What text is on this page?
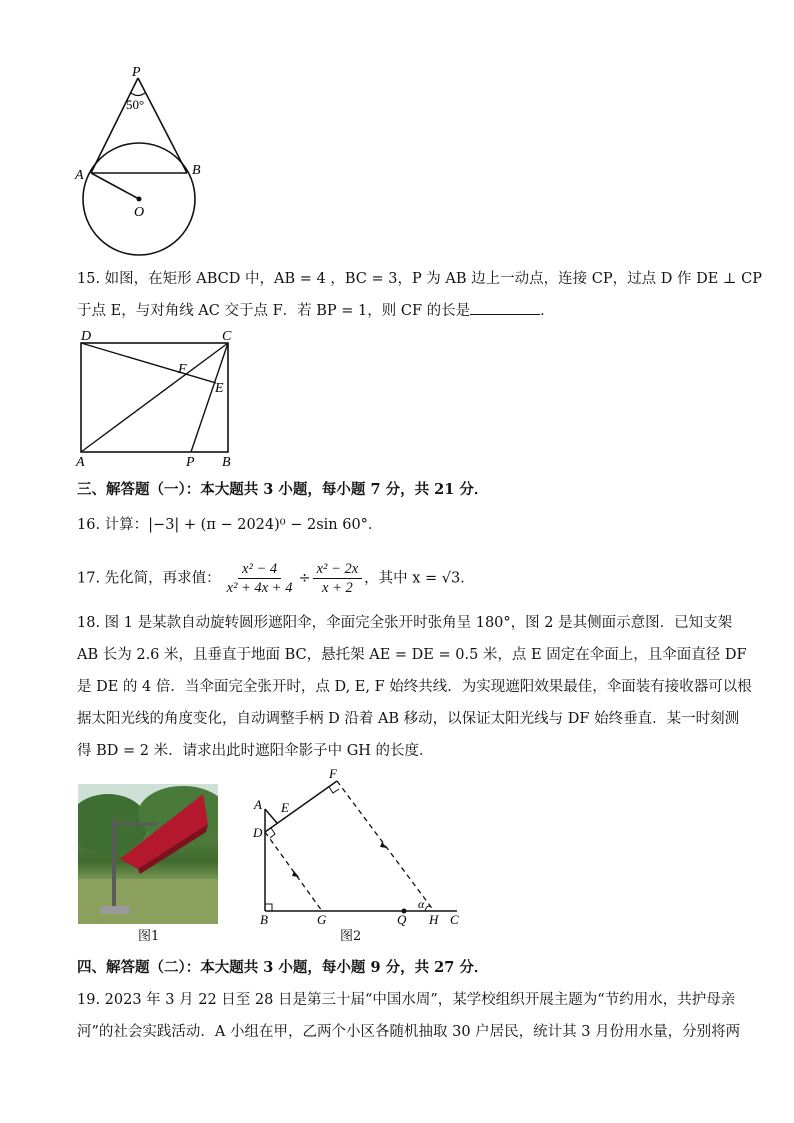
P
50°
A	B
O
15. 如图，在矩形 ABCD 中，AB = 4 ，BC = 3，P 为 AB 边上一动点，连接 CP，过点 D 作 DE ⊥ CP
于点 E，与对角线 AC 交于点 F．若 BP = 1，则 CF 的长是	．
D	C
F
E
A	P B
三、解答题（一）：本大题共 3 小题，每小题 7 分，共 21 分．
16. 计算：|−3| + (π − 2024)⁰ − 2sin 60°．
17. 先化简，再求值： $\frac{\text{x² − 4}}{\text{x² + 4x + 4}} \div \frac{\text{x² − 2x}}{x + 2}$ ，其中 x = √3．
18. 图 1 是某款自动旋转圆形遮阳伞，伞面完全张开时张角呈 180°，图 2 是其侧面示意图．已知支架
AB 长为 2.6 米，且垂直于地面 BC，悬托架 AE = DE = 0.5 米，点 E 固定在伞面上，且伞面直径 DF
是 DE 的 4 倍．当伞面完全张开时，点 D, E, F 始终共线．为实现遮阳效果最佳，伞面装有接收器可以根
据太阳光线的角度变化，自动调整手柄 D 沿着 AB 移动，以保证太阳光线与 DF 始终垂直．某一时刻测
得 BD = 2 米．请求出此时遮阳伞影子中 GH 的长度．
图1
F
A E
D
B	G	Q
α
H C
图2
四、解答题（二）：本大题共 3 小题，每小题 9 分，共 27 分．
19. 2023 年 3 月 22 日至 28 日是第三十届“中国水周”，某学校组织开展主题为“节约用水，共护母亲
河”的社会实践活动．A 小组在甲，乙两个小区各随机抽取 30 户居民，统计其 3 月份用水量，分别将两
